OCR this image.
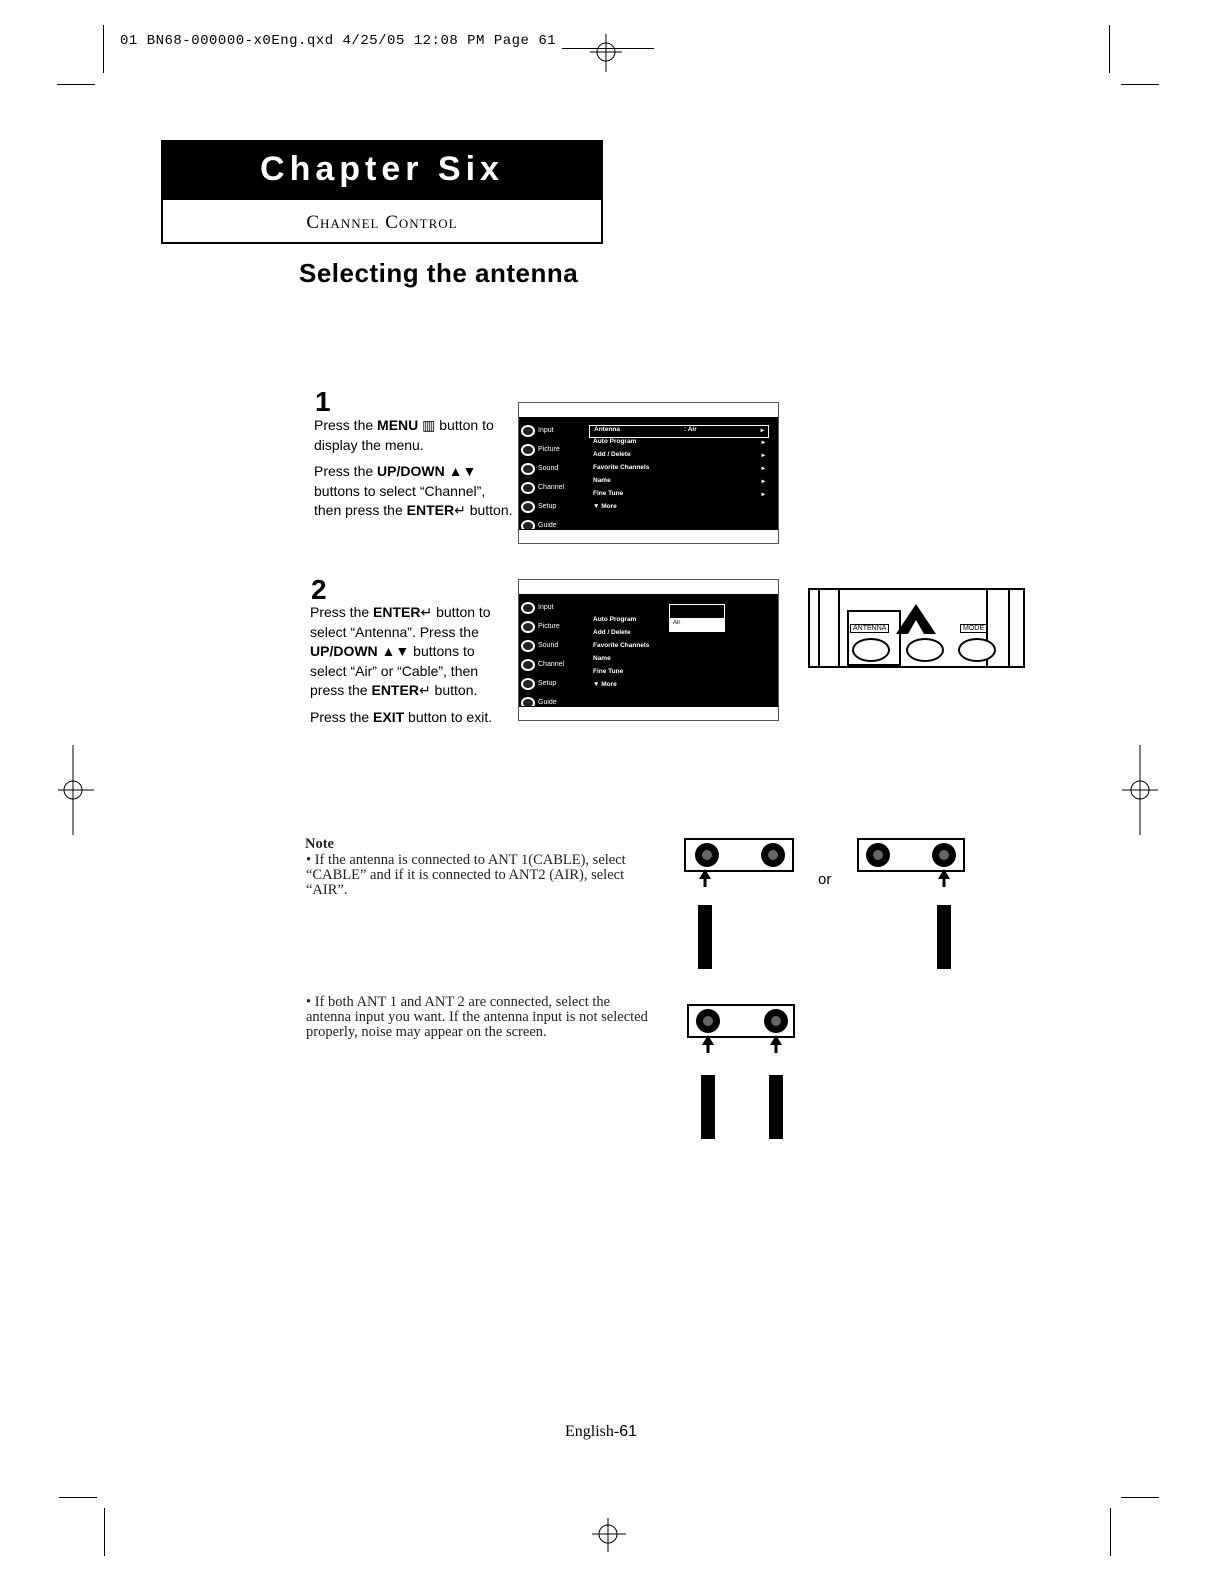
01 BN68-000000-x0Eng.qxd 4/25/05 12:08 PM Page 61
Chapter Six
Channel Control
Selecting the antenna
1

Press the MENU ▥ button to display the menu.

Press the UP/DOWN ▲▼ buttons to select “Channel”, then press the ENTER↵ button.

Input
Picture
Sound
Channel
Setup
Guide
Antenna	: Air	▸
Auto Program	▸
Add / Delete	▸
Favorite Channels	▸
Name	▸
Fine Tune	▸
▼ More
2

Press the ENTER↵ button to select “Antenna”. Press the UP/DOWN ▲▼ buttons to select “Air” or “Cable”, then press the ENTER↵ button.

Press the EXIT button to exit.

Input
Picture
Sound
Channel
Setup
Guide
Auto Program
Add / Delete
Favorite Channels
Name
Fine Tune
▼ More
Air
ANTENNA	MODE
Note
• If the antenna is connected to ANT 1(CABLE), select “CABLE” and if it is connected to ANT2 (AIR), select “AIR”.
• If both ANT 1 and ANT 2 are connected, select the antenna input you want. If the antenna input is not selected properly, noise may appear on the screen.
or
English-61
